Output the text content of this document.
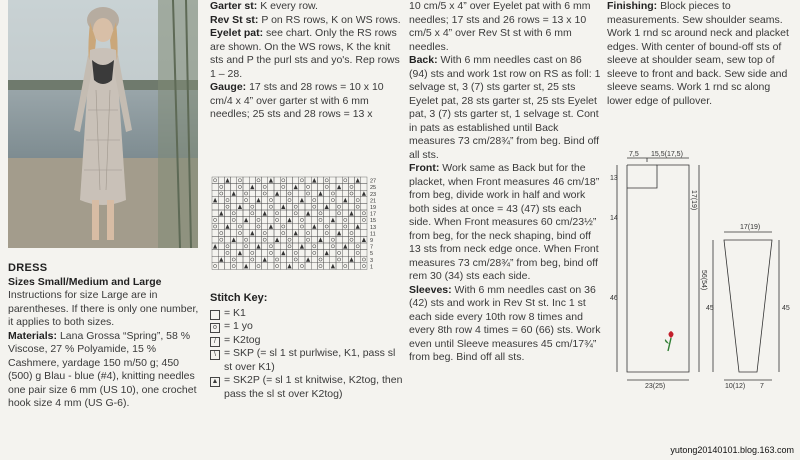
DRESS
Sizes Small/Medium and Large

Instructions for size Large are in parentheses. If there is only one number, it applies to both sizes.

Materials: Lana Grossa “Spring”, 58 % Viscose, 27 % Polyamide, 15 % Cashmere, yardage 150 m/50 g; 450 (500) g Blau - blue (#4), knitting needles one pair size 6 mm (US 10), one crochet hook size 4 mm (US G-6).

Garter st: K every row.

Rev St st: P on RS rows, K on WS rows.

Eyelet pat: see chart. Only the RS rows are shown. On the WS rows, K the knit sts and P the purl sts and yo's. Rep rows 1 – 28.

Gauge: 17 sts and 28 rows = 10 x 10 cm/4 x 4” over garter st with 6 mm needles; 25 sts and 28 rows = 13 x

27
25
23
21
19
17
15
13
11
9
7
5
3
1
Stitch Key:
= K1
o = 1 yo
/ = K2tog
\ = SKP (= sl 1 st purlwise, K1, pass sl st over K1)
▲ = SK2P (= sl 1 st knitwise, K2tog, then pass the sl st over K2tog)

10 cm/5 x 4” over Eyelet pat with 6 mm needles; 17 sts and 26 rows = 13 x 10 cm/5 x 4” over Rev St st with 6 mm needles.

Back: With 6 mm needles cast on 86 (94) sts and work 1st row on RS as foll: 1 selvage st, 3 (7) sts garter st, 25 sts Eyelet pat, 28 sts garter st, 25 sts Eyelet pat, 3 (7) sts garter st, 1 selvage st. Cont in pats as established until Back measures 73 cm/28¾” from beg. Bind off all sts.

Front: Work same as Back but for the placket, when Front measures 46 cm/18” from beg, divide work in half and work both sides at once = 43 (47) sts each side. When Front measures 60 cm/23½” from beg, for the neck shaping, bind off 13 sts from neck edge once. When Front measures 73 cm/28¾” from beg, bind off rem 30 (34) sts each side.

Sleeves: With 6 mm needles cast on 36 (42) sts and work in Rev St st. Inc 1 st each side every 10th row 8 times and every 8th row 4 times = 60 (66) sts. Work even until Sleeve measures 45 cm/17¾” from beg. Bind off all sts.

Finishing: Block pieces to measurements. Sew shoulder seams. Work 1 rnd sc around neck and placket edges. With center of bound-off sts of sleeve at shoulder seam, sew top of sleeve to front and back. Sew side and sleeve seams. Work 1 rnd sc along lower edge of pullover.

7,5 15,5(17,5)
13
14
46
17(19)
56(54)
23(25)
17(19)
45	45
10(12) 7
yutong20140101.blog.163.com
